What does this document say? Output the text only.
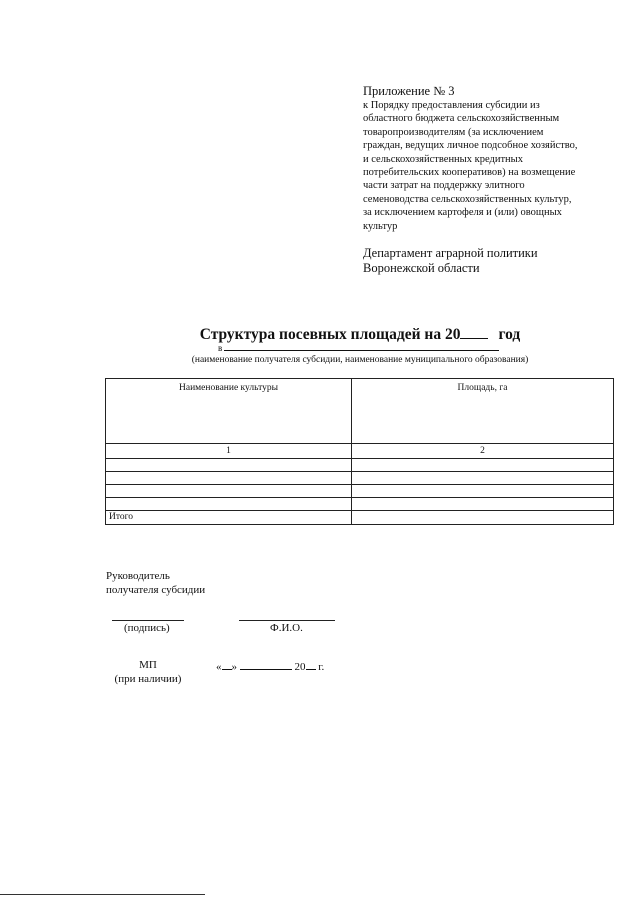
Приложение № 3
к Порядку предоставления субсидии из
областного бюджета сельскохозяйственным
товаропроизводителям (за исключением
граждан, ведущих личное подсобное хозяйство,
и сельскохозяйственных кредитных
потребительских кооперативов) на возмещение
части затрат на поддержку элитного
семеноводства сельскохозяйственных культур,
за исключением картофеля и (или) овощных
культур
Департамент аграрной политики
Воронежской области
Структура посевных площадей на 20 год
в
(наименование получателя субсидии, наименование муниципального образования)
Наименование культуры	Площадь, га
1	2

Итого	
Руководитель
получателя субсидии
(подпись)	Ф.И.О.
МП
(при наличии)
« »	20 г.
